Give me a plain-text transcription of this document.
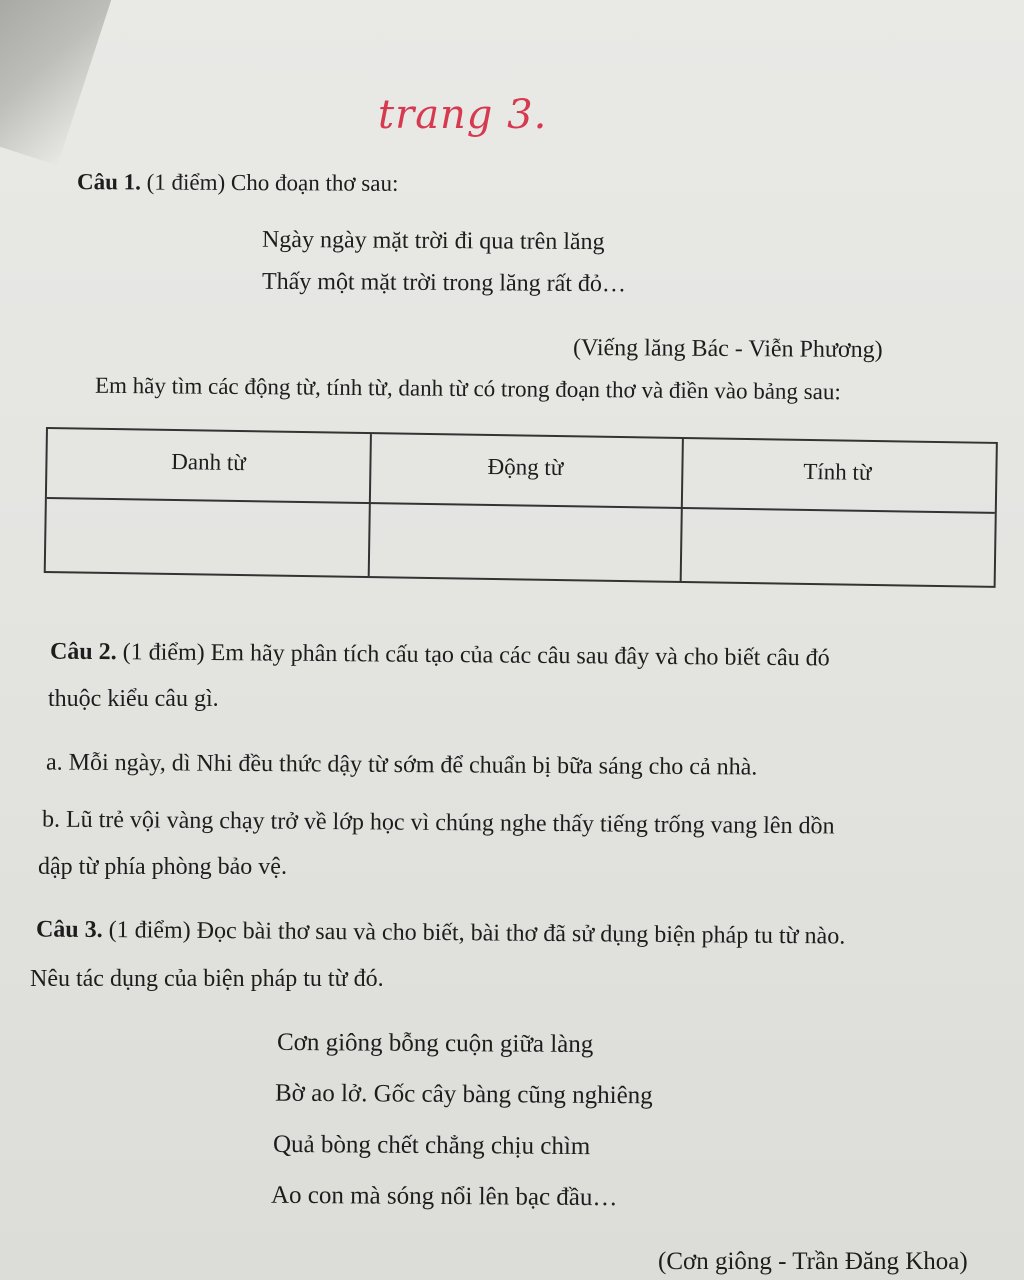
trang 3.
Câu 1. (1 điểm) Cho đoạn thơ sau:
Ngày ngày mặt trời đi qua trên lăng
Thấy một mặt trời trong lăng rất đỏ…
(Viếng lăng Bác - Viễn Phương)
Em hãy tìm các động từ, tính từ, danh từ có trong đoạn thơ và điền vào bảng sau:
Danh từ	Động từ	Tính từ
Câu 2. (1 điểm) Em hãy phân tích cấu tạo của các câu sau đây và cho biết câu đó
thuộc kiểu câu gì.
a. Mỗi ngày, dì Nhi đều thức dậy từ sớm để chuẩn bị bữa sáng cho cả nhà.
b. Lũ trẻ vội vàng chạy trở về lớp học vì chúng nghe thấy tiếng trống vang lên dồn
dập từ phía phòng bảo vệ.
Câu 3. (1 điểm) Đọc bài thơ sau và cho biết, bài thơ đã sử dụng biện pháp tu từ nào.
Nêu tác dụng của biện pháp tu từ đó.
Cơn giông bỗng cuộn giữa làng
Bờ ao lở. Gốc cây bàng cũng nghiêng
Quả bòng chết chẳng chịu chìm
Ao con mà sóng nổi lên bạc đầu…
(Cơn giông - Trần Đăng Khoa)
